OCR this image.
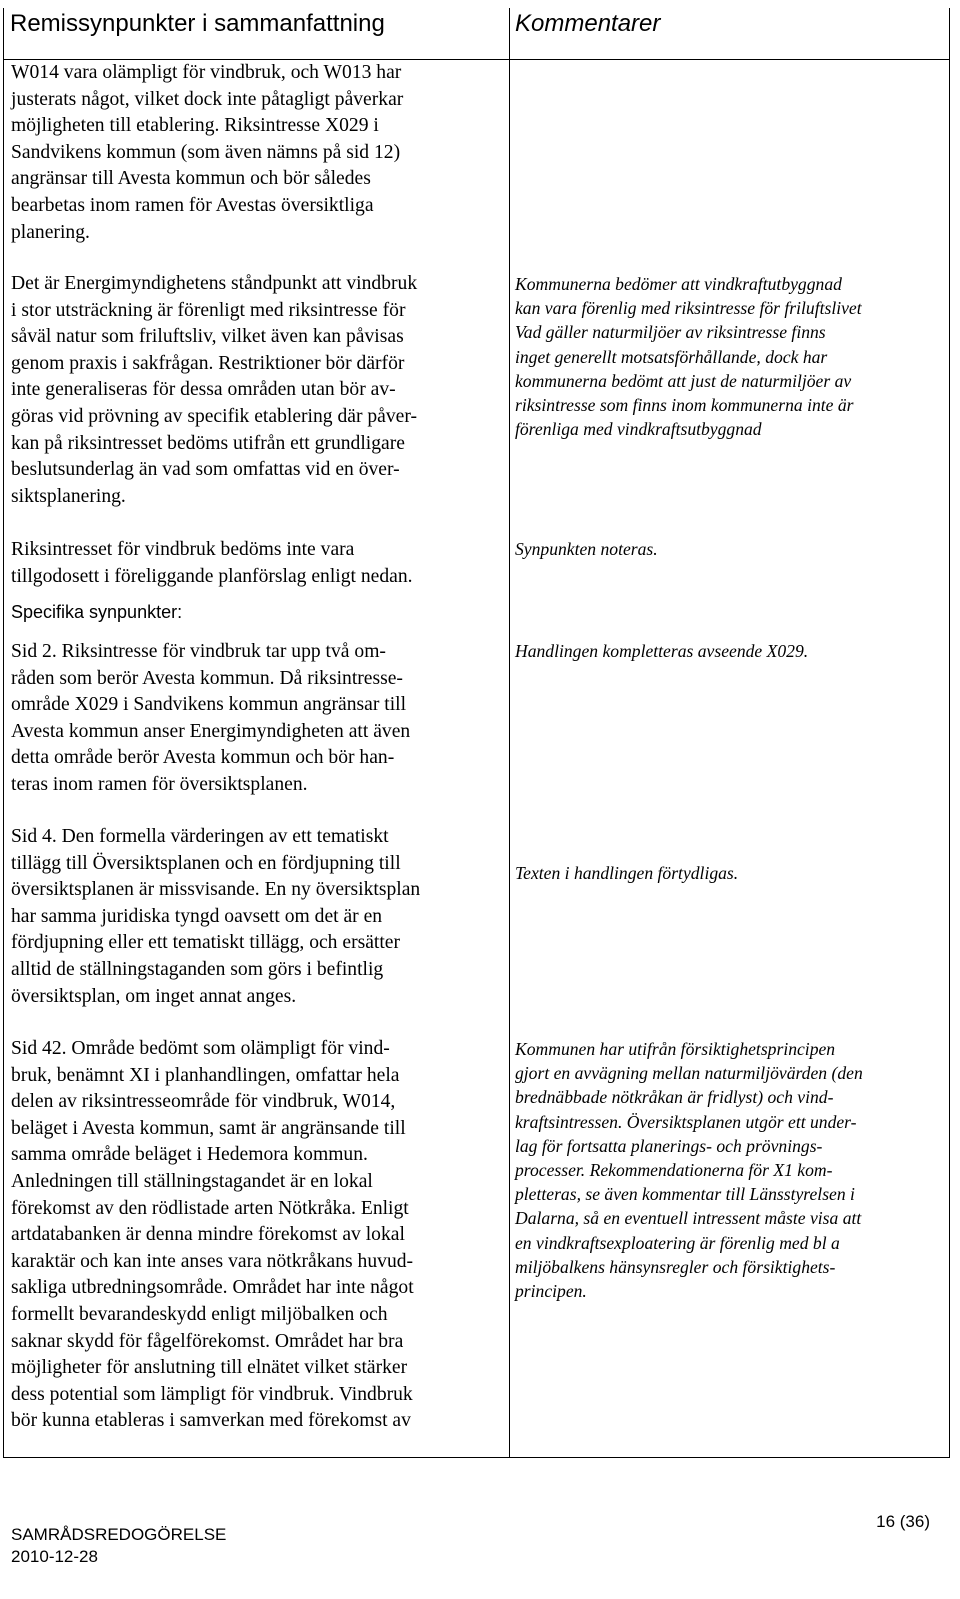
Remissynpunkter i sammanfattning	Kommentarer

W014 vara olämpligt för vindbruk, och W013 har
justerats något, vilket dock inte påtagligt påverkar
möjligheten till etablering. Riksintresse X029 i
Sandvikens kommun (som även nämns på sid 12)
angränsar till Avesta kommun och bör således
bearbetas inom ramen för Avestas översiktliga
planering.

Det är Energimyndighetens ståndpunkt att vindbruk
i stor utsträckning är förenligt med riksintresse för
såväl natur som friluftsliv, vilket även kan påvisas
genom praxis i sakfrågan. Restriktioner bör därför
inte generaliseras för dessa områden utan bör av-
göras vid prövning av specifik etablering där påver-
kan på riksintresset bedöms utifrån ett grundligare
beslutsunderlag än vad som omfattas vid en över-
siktsplanering.

Riksintresset för vindbruk bedöms inte vara
tillgodosett i föreliggande planförslag enligt nedan.

Specifika synpunkter:

Sid 2. Riksintresse för vindbruk tar upp två om-
råden som berör Avesta kommun. Då riksintresse-
område X029 i Sandvikens kommun angränsar till
Avesta kommun anser Energimyndigheten att även
detta område berör Avesta kommun och bör han-
teras inom ramen för översiktsplanen.

Sid 4. Den formella värderingen av ett tematiskt
tillägg till Översiktsplanen och en fördjupning till
översiktsplanen är missvisande. En ny översiktsplan
har samma juridiska tyngd oavsett om det är en
fördjupning eller ett tematiskt tillägg, och ersätter
alltid de ställningstaganden som görs i befintlig
översiktsplan, om inget annat anges.

Sid 42. Område bedömt som olämpligt för vind-
bruk, benämnt XI i planhandlingen, omfattar hela
delen av riksintresseområde för vindbruk, W014,
beläget i Avesta kommun, samt är angränsande till
samma område beläget i Hedemora kommun.
Anledningen till ställningstagandet är en lokal
förekomst av den rödlistade arten Nötkråka. Enligt
artdatabanken är denna mindre förekomst av lokal
karaktär och kan inte anses vara nötkråkans huvud-
sakliga utbredningsområde. Området har inte något
formellt bevarandeskydd enligt miljöbalken och
saknar skydd för fågelförekomst. Området har bra
möjligheter för anslutning till elnätet vilket stärker
dess potential som lämpligt för vindbruk. Vindbruk
bör kunna etableras i samverkan med förekomst av

Kommunerna bedömer att vindkraftutbyggnad
kan vara förenlig med riksintresse för friluftslivet
Vad gäller naturmiljöer av riksintresse finns
inget generellt motsatsförhållande, dock har
kommunerna bedömt att just de naturmiljöer av
riksintresse som finns inom kommunerna inte är
förenliga med vindkraftsutbyggnad

Synpunkten noteras.

Handlingen kompletteras avseende X029.

Texten i handlingen förtydligas.

Kommunen har utifrån försiktighetsprincipen
gjort en avvägning mellan naturmiljövärden (den
brednäbbade nötkråkan är fridlyst) och vind-
kraftsintressen. Översiktsplanen utgör ett under-
lag för fortsatta planerings- och prövnings-
processer. Rekommendationerna för X1 kom-
pletteras, se även kommentar till Länsstyrelsen i
Dalarna, så en eventuell intressent måste visa att
en vindkraftsexploatering är förenlig med bl a
miljöbalkens hänsynsregler och försiktighets-
principen.

SAMRÅDSREDOGÖRELSE
2010-12-28
16 (36)
